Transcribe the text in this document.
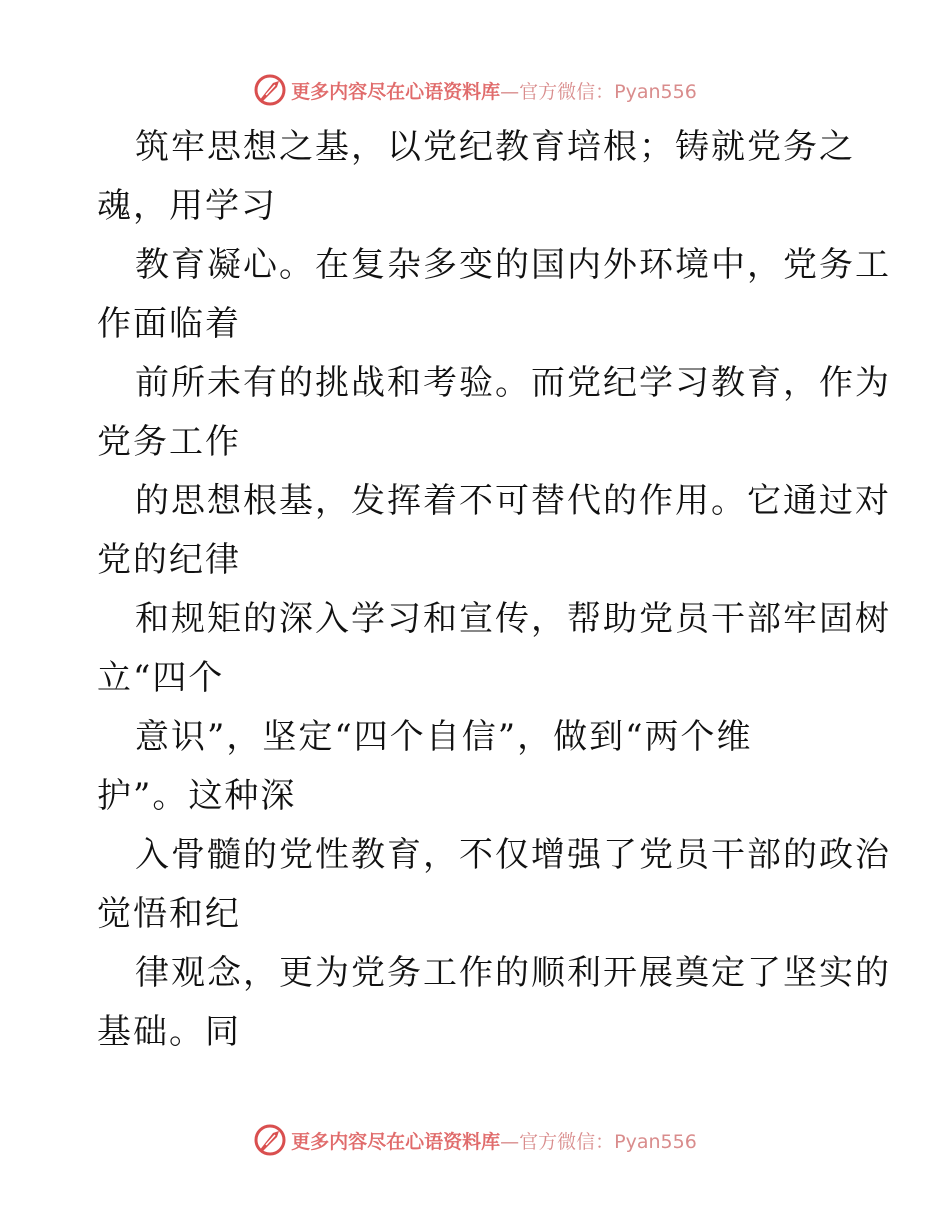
更多内容尽在心语资料库—官方微信：Pyan556

筑牢思想之基，以党纪教育培根；铸就党务之
魂，用学习

教育凝心。在复杂多变的国内外环境中，党务工
作面临着

前所未有的挑战和考验。而党纪学习教育，作为
党务工作

的思想根基，发挥着不可替代的作用。它通过对
党的纪律

和规矩的深入学习和宣传，帮助党员干部牢固树
立“四个

意识”，坚定“四个自信”，做到“两个维
护”。这种深

入骨髓的党性教育，不仅增强了党员干部的政治
觉悟和纪

律观念，更为党务工作的顺利开展奠定了坚实的
基础。同

更多内容尽在心语资料库—官方微信：Pyan556
